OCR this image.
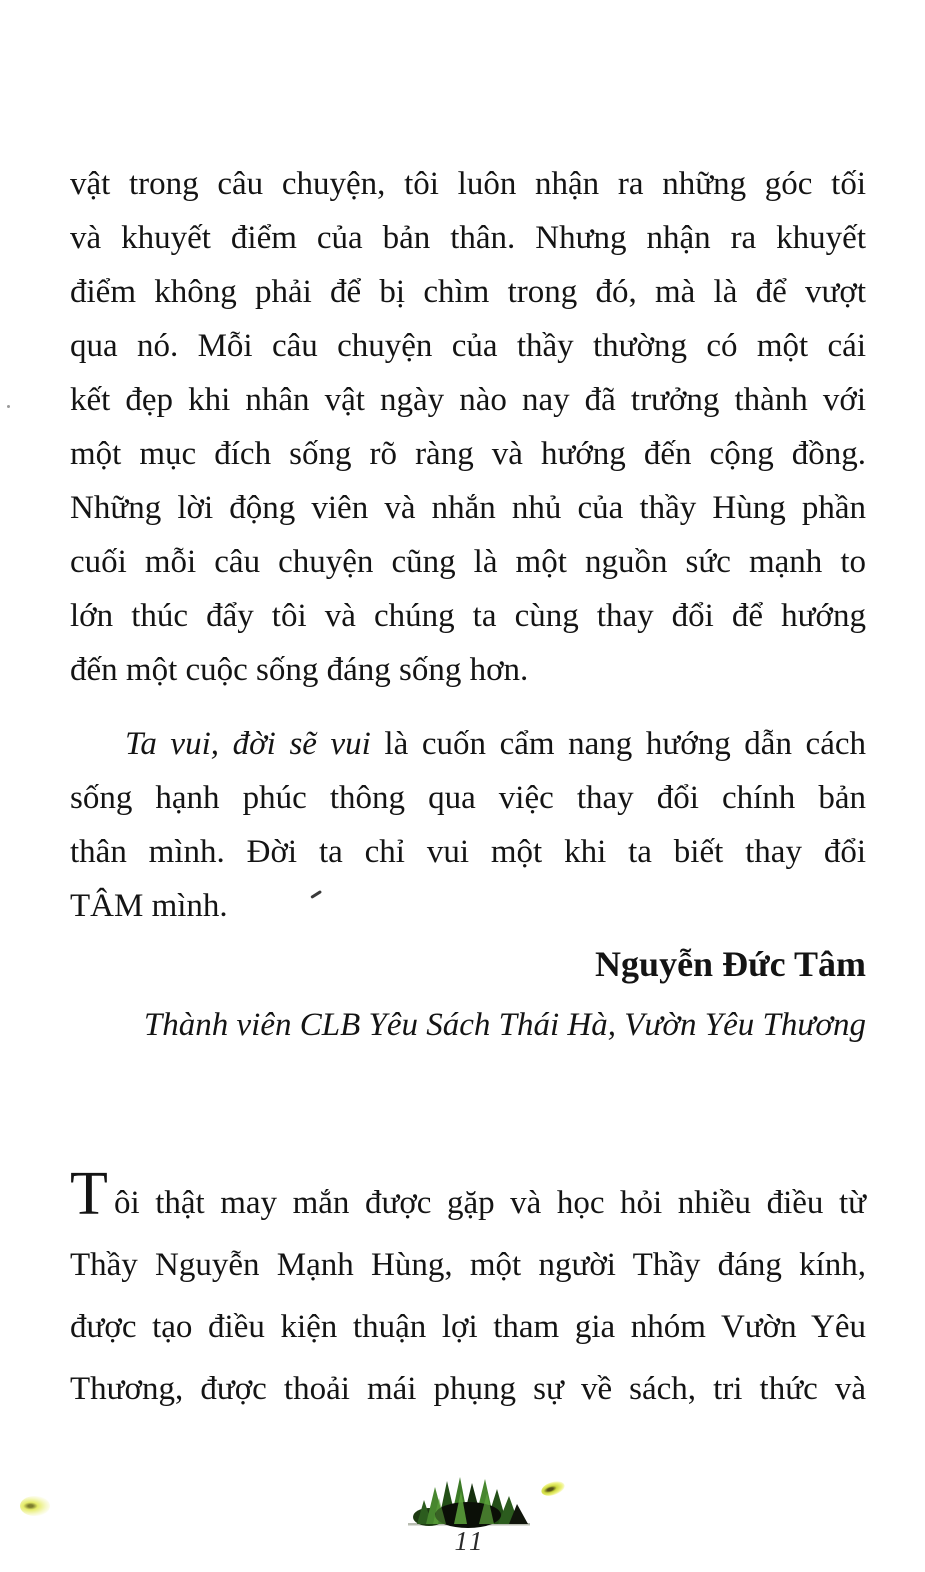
vật trong câu chuyện, tôi luôn nhận ra những góc tối
và khuyết điểm của bản thân. Nhưng nhận ra khuyết
điểm không phải để bị chìm trong đó, mà là để vượt
qua nó. Mỗi câu chuyện của thầy thường có một cái
kết đẹp khi nhân vật ngày nào nay đã trưởng thành với
một mục đích sống rõ ràng và hướng đến cộng đồng.
Những lời động viên và nhắn nhủ của thầy Hùng phần
cuối mỗi câu chuyện cũng là một nguồn sức mạnh to
lớn thúc đẩy tôi và chúng ta cùng thay đổi để hướng
đến một cuộc sống đáng sống hơn.
Ta vui, đời sẽ vui là cuốn cẩm nang hướng dẫn cách
sống hạnh phúc thông qua việc thay đổi chính bản
thân mình. Đời ta chỉ vui một khi ta biết thay đổi
TÂM mình.
Nguyễn Đức Tâm
Thành viên CLB Yêu Sách Thái Hà, Vườn Yêu Thương
T ôi thật may mắn được gặp và học hỏi nhiều điều từ
Thầy Nguyễn Mạnh Hùng, một người Thầy đáng kính,
được tạo điều kiện thuận lợi tham gia nhóm Vườn Yêu
Thương, được thoải mái phụng sự về sách, tri thức và
11
